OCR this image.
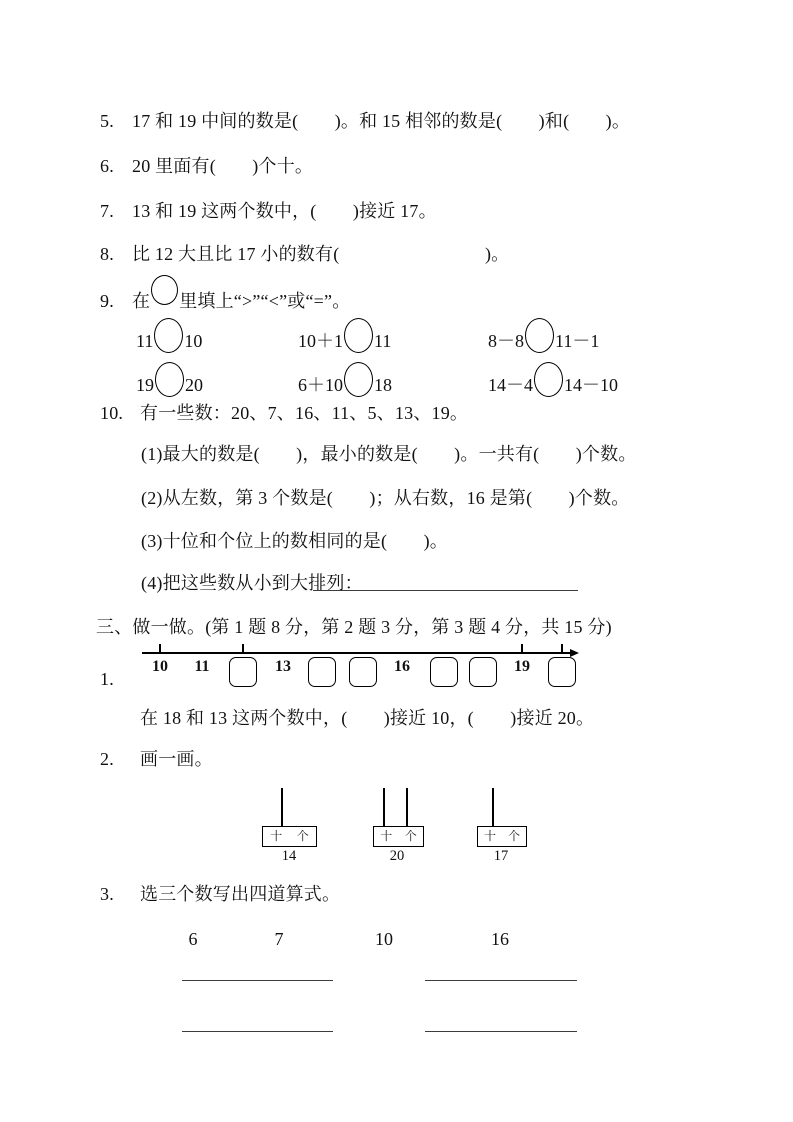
5. 17 和 19 中间的数是(　　)。和 15 相邻的数是(　　)和(　　)。
6. 20 里面有(　　)个十。
7. 13 和 19 这两个数中，(　　)接近 17。
8. 比 12 大且比 17 小的数有(　　　　　　　　)。
9. 在 里填上“>”“<”或“=”。
11 10	10＋1 11	8－8 11－1
19 20	6＋10 18	14－4 14－10
10. 有一些数：20、7、16、11、5、13、19。
(1)最大的数是(　　)，最小的数是(　　)。一共有(　　)个数。
(2)从左数，第 3 个数是(　　)；从右数，16 是第(　　)个数。
(3)十位和个位上的数相同的是(　　)。
(4)把这些数从小到大排列：
三、做一做。(第 1 题 8 分，第 2 题 3 分，第 3 题 4 分，共 15 分)
1.
10 11	13	16	19
在 18 和 13 这两个数中，(　　)接近 10，(　　)接近 20。
2. 画一画。
十 个
14
十 个
20
十 个
17
3. 选三个数写出四道算式。
6	7	10	16
